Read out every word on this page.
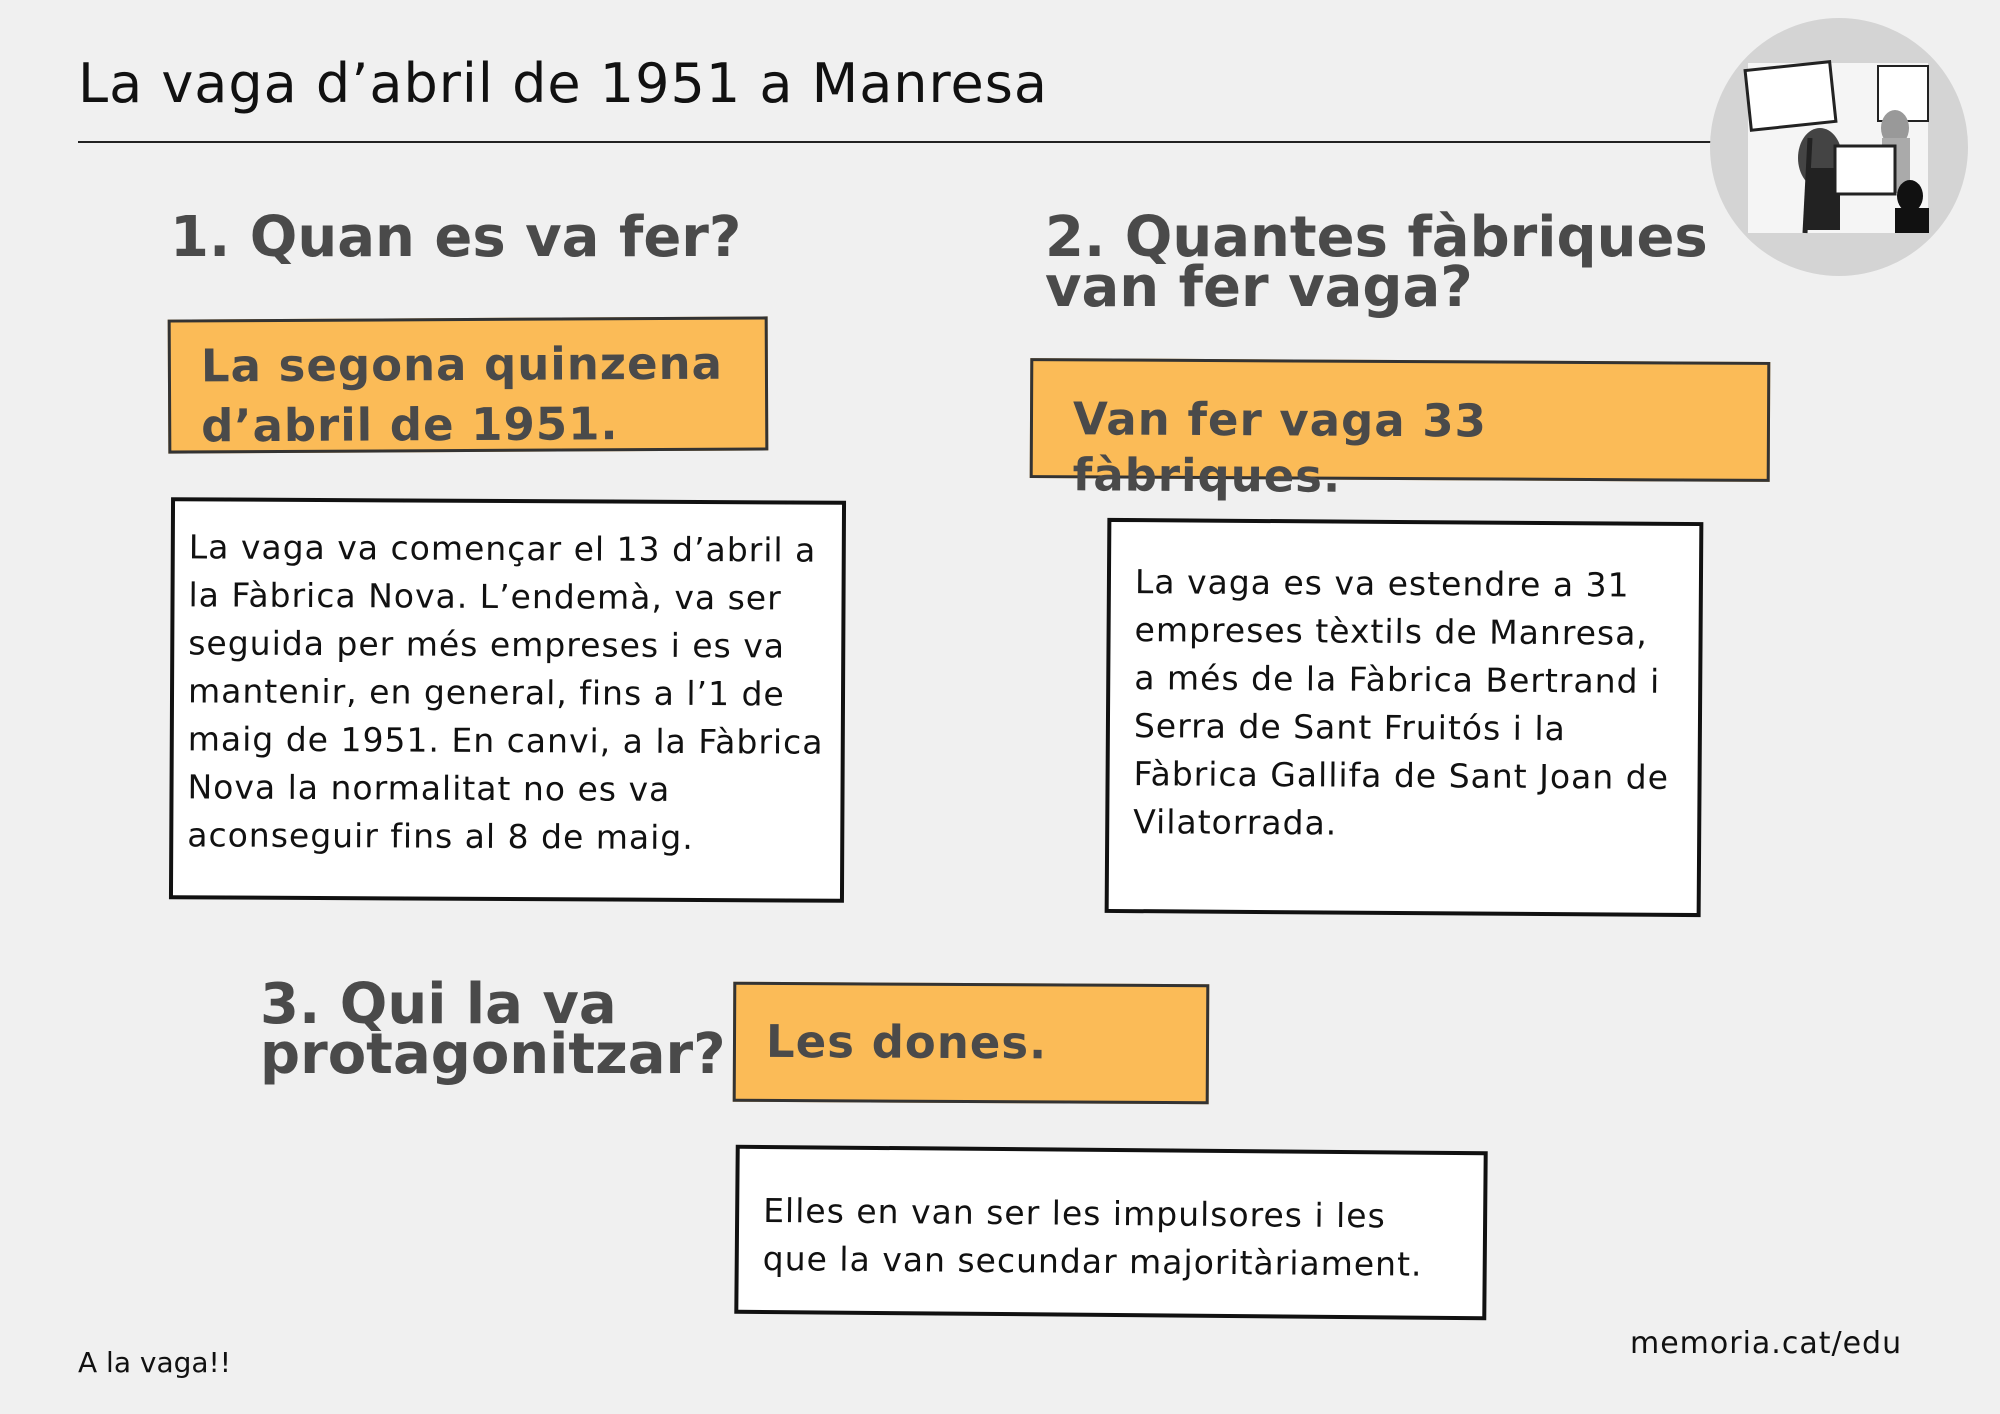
La vaga d’abril de 1951 a Manresa
1. Quan es va fer?
La segona quinzena d’abril de 1951.
La vaga va començar el 13 d’abril a la Fàbrica Nova. L’endemà, va ser seguida per més empreses i es va mantenir, en general, fins a l’1 de maig de 1951. En canvi, a la Fàbrica Nova la normalitat no es va aconseguir fins al 8 de maig.
2. Quantes fàbriques van fer vaga?
Van fer vaga 33 fàbriques.
La vaga es va estendre a 31 empreses tèxtils de Manresa, a més de la Fàbrica Bertrand i Serra de Sant Fruitós i la Fàbrica Gallifa de Sant Joan de Vilatorrada.
3. Qui la va protagonitzar? Les dones.
Elles en van ser les impulsores i les que la van secundar majoritàriament.
A la vaga!!
memoria.cat/edu
